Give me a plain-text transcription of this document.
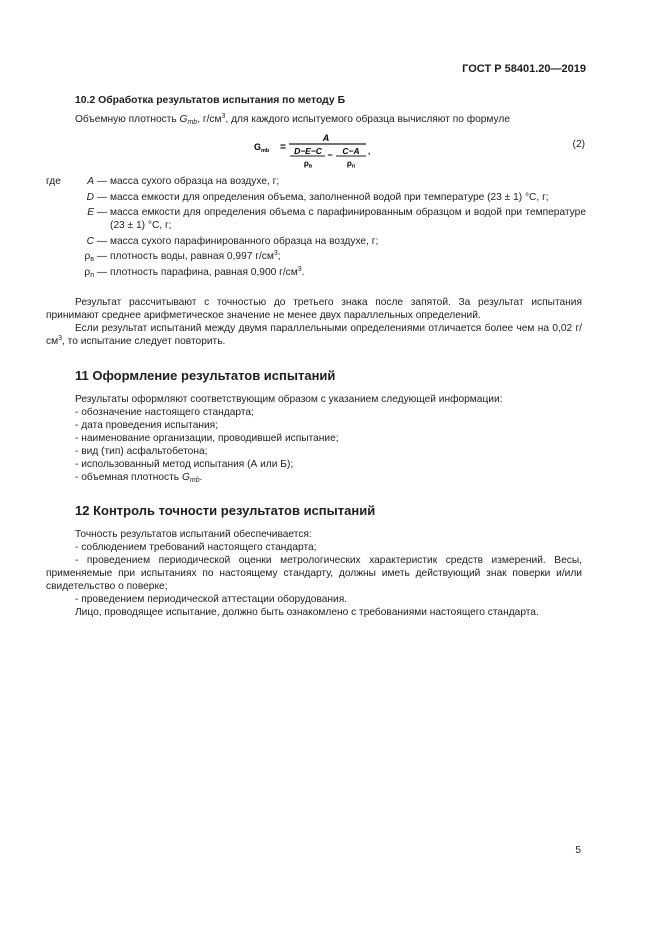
ГОСТ Р 58401.20—2019
10.2 Обработка результатов испытания по методу Б
Объемную плотность $G_{mb}$, $г/см^3$, для каждого испытуемого образца вычисляют по формуле
$G_{mb}$ =
A
D−E−C
ρв
− C−A
ρп
,
(2)
где	A — масса сухого образца на воздухе, г;
D — масса емкости для определения объема, заполненной водой при температуре (23 ± 1) °С, г;
E — масса емкости для определения объема с парафинированным образцом и водой при температуре (23 ± 1) °С, г;
C — масса сухого парафинированного образца на воздухе, г;
$\rho_в$ — плотность воды, равная 0,997 $г/см^3$;
$\rho_п$ — плотность парафина, равная 0,900 $г/см^3$.

Результат рассчитывают с точностью до третьего знака после запятой. За результат испытания принимают среднее арифметическое значение не менее двух параллельных определений.

Если результат испытаний между двумя параллельными определениями отличается более чем на 0,02 $г/см^3$, то испытание следует повторить.

11 Оформление результатов испытаний

Результаты оформляют соответствующим образом с указанием следующей информации:

- обозначение настоящего стандарта;

- дата проведения испытания;

- наименование организации, проводившей испытание;

- вид (тип) асфальтобетона;

- использованный метод испытания (А или Б);

- объемная плотность $G_{mb}$.

12 Контроль точности результатов испытаний

Точность результатов испытаний обеспечивается:

- соблюдением требований настоящего стандарта;

- проведением периодической оценки метрологических характеристик средств измерений. Весы, применяемые при испытаниях по настоящему стандарту, должны иметь действующий знак поверки и/или свидетельство о поверке;

- проведением периодической аттестации оборудования.

Лицо, проводящее испытание, должно быть ознакомлено с требованиями настоящего стандарта.

5
